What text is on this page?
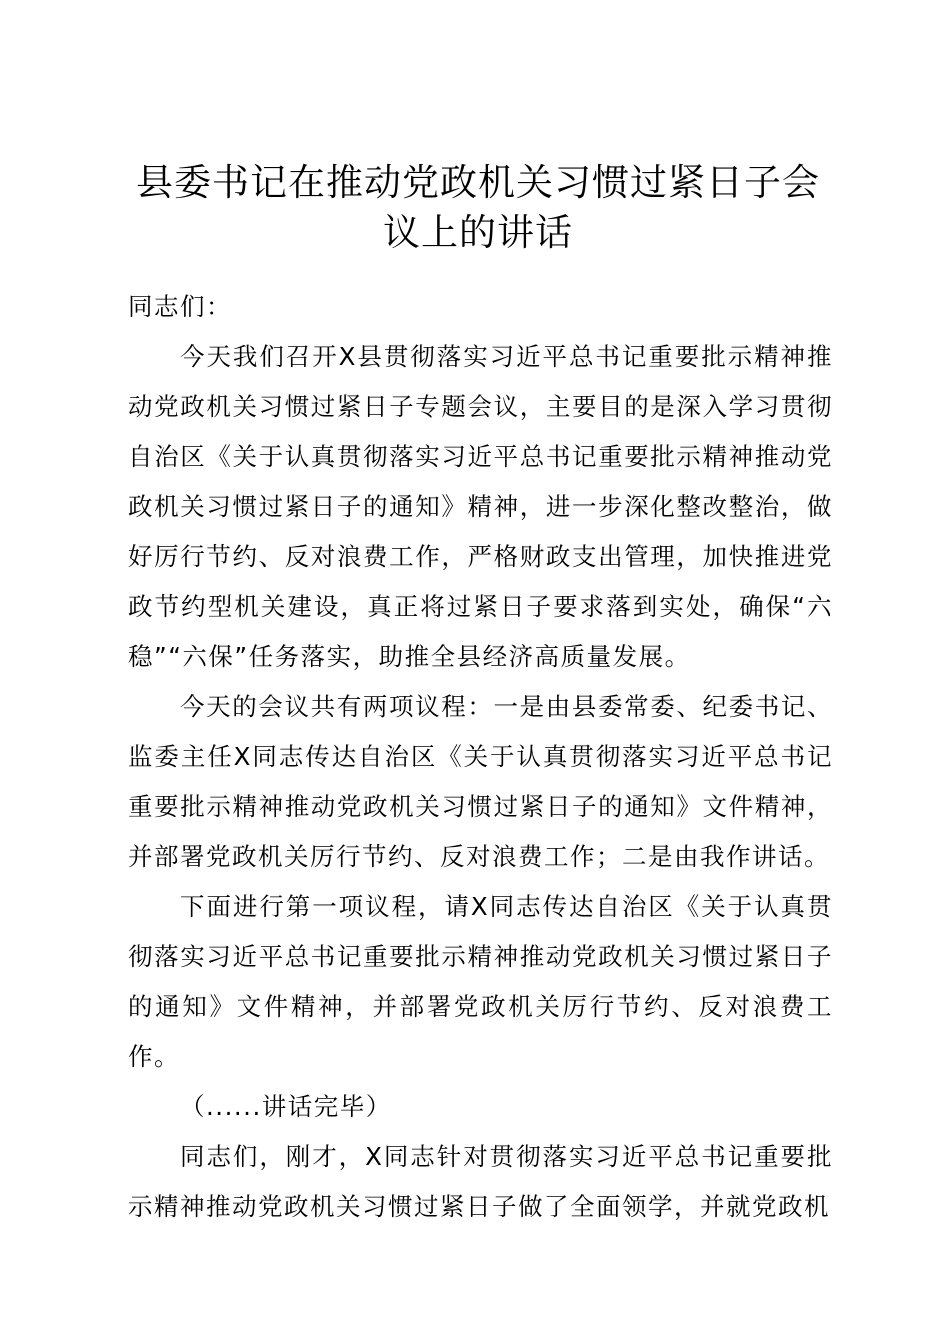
县委书记在推动党政机关习惯过紧日子会议上的讲话

同志们：

今天我们召开X县贯彻落实习近平总书记重要批示精神推动党政机关习惯过紧日子专题会议，主要目的是深入学习贯彻自治区《关于认真贯彻落实习近平总书记重要批示精神推动党政机关习惯过紧日子的通知》精神，进一步深化整改整治，做好厉行节约、反对浪费工作，严格财政支出管理，加快推进党政节约型机关建设，真正将过紧日子要求落到实处，确保“六稳”“六保”任务落实，助推全县经济高质量发展。

今天的会议共有两项议程：一是由县委常委、纪委书记、监委主任X同志传达自治区《关于认真贯彻落实习近平总书记重要批示精神推动党政机关习惯过紧日子的通知》文件精神，并部署党政机关厉行节约、反对浪费工作；二是由我作讲话。

下面进行第一项议程，请X同志传达自治区《关于认真贯彻落实习近平总书记重要批示精神推动党政机关习惯过紧日子的通知》文件精神，并部署党政机关厉行节约、反对浪费工作。

（......讲话完毕）

同志们，刚才，X同志针对贯彻落实习近平总书记重要批示精神推动党政机关习惯过紧日子做了全面领学，并就党政机
